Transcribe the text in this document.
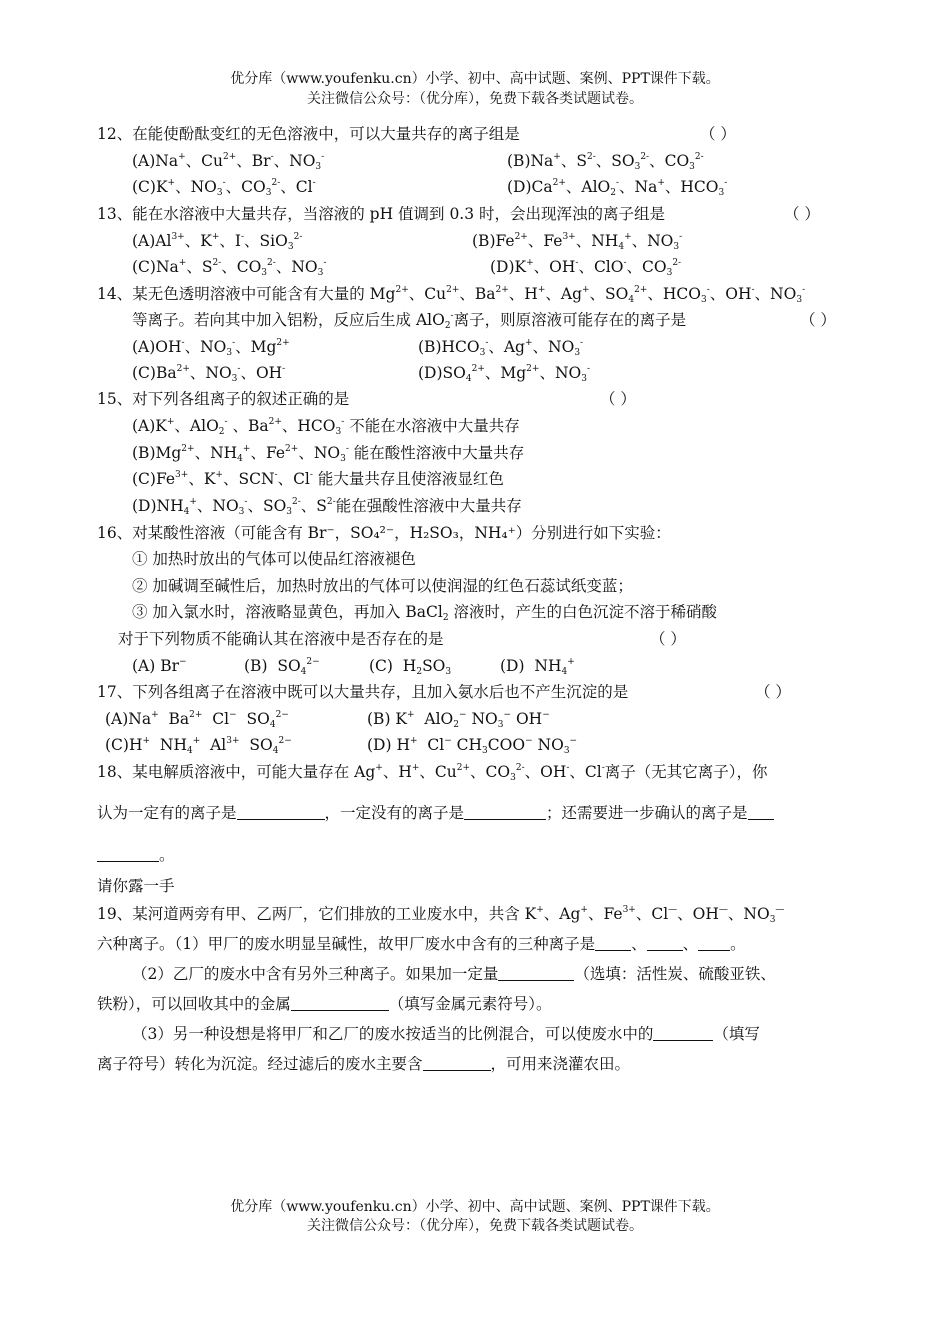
优分库（www.youfenku.cn）小学、初中、高中试题、案例、PPT课件下载。
关注微信公众号：（优分库），免费下载各类试题试卷。
12、在能使酚酞变红的无色溶液中，可以大量共存的离子组是	（ ）
(A)Na+、$Cu^{2+}$、Br-、$NO_3^-$	(B)Na+、$S^{2-}$、$SO_3^{2-}$、$CO_3^{2-}$
(C)K+、$NO_3^-$、$CO_3^{2-}$、Cl-	$(D)Ca^{2+}$、AlO$_2$-、Na+、$HCO_3^-$
13、能在水溶液中大量共存，当溶液的 pH 值调到 0.3 时，会出现浑浊的离子组是	（ ）
$(A)Al^{3+}$、K+、I-、SiO$_3^{2-}$	$(B)Fe^{2+}$、$Fe^{3+}$、$NH_4^+$、$NO_3^-$
(C)Na+、$S^{2-}$、$CO_3^{2-}$、$NO_3^-$	(D)K+、OH-、ClO-、$CO_3^{2-}$
14、某无色透明溶液中可能含有大量的 $Mg^{2+}$、$Cu^{2+}$、$Ba^{2+}$、H+、Ag+、$SO_4^{2+}$、$HCO_3^-$、OH-、$NO_3^-$
等离子。若向其中加入铝粉，反应后生成 AlO$_2$-离子，则原溶液可能存在的离子是	（ ）
(A)OH-、$NO_3^-$、$Mg^{2+}$	$(B)HCO_3^-$、Ag+、$NO_3^-$
$(C)Ba^{2+}$、$NO_3^-$、OH-	$(D)SO_4^{2+}$、$Mg^{2+}$、$NO_3^-$
15、对下列各组离子的叙述正确的是	（ ）
(A)K+、AlO$_2$- 、$Ba^{2+}$、$HCO_3^-$ 不能在水溶液中大量共存
$(B)Mg^{2+}$、$NH_4^+$、$Fe^{2+}$、$NO_3^-$ 能在酸性溶液中大量共存
$(C)Fe^{3+}$、K+、SCN-、Cl- 能大量共存且使溶液显红色
$(D)NH_4^+$、$NO_3^-$、$SO_3^{2-}$、$S^{2-}$能在强酸性溶液中大量共存
16、对某酸性溶液（可能含有 Br⁻，SO₄²⁻，H₂SO₃，NH₄⁺）分别进行如下实验：
① 加热时放出的气体可以使品红溶液褪色
② 加碱调至碱性后，加热时放出的气体可以使润湿的红色石蕊试纸变蓝；
③ 加入氯水时，溶液略显黄色，再加入 BaCl$_2$ 溶液时，产生的白色沉淀不溶于稀硝酸
对于下列物质不能确认其在溶液中是否存在的是	（ ）
(A) Br−	(B)  $SO_4^{2-}$	(C)  $H_2SO_3$	(D)  $NH_4^+$
17、下列各组离子在溶液中既可以大量共存，且加入氨水后也不产生沉淀的是	（ ）
(A)Na+  $Ba^{2+}$  Cl−  $SO_4^{2-}$	(B) K+  AlO$_2$− $NO_3^-$ OH−
(C)H+  $NH_4^+$  $Al^{3+}$  $SO_4^{2-}$	(D) H+  Cl− $CH_3COO^-$ $NO_3^-$
18、某电解质溶液中，可能大量存在 Ag+、H+、$Cu^{2+}$、$CO_3^{2-}$、OH-、Cl-离子（无其它离子），你
认为一定有的离子是	，一定没有的离子是	；还需要进一步确认的离子是
。
请你露一手
19、某河道两旁有甲、乙两厂，它们排放的工业废水中，共含 K+、Ag+、$Fe^{3+}$、Cl—、OH—、$NO_3^—$
六种离子。（1）甲厂的废水明显呈碱性，故甲厂废水中含有的三种离子是 、 、 。
（2）乙厂的废水中含有另外三种离子。如果加一定量	（选填：活性炭、硫酸亚铁、
铁粉），可以回收其中的金属	（填写金属元素符号）。
（3）另一种设想是将甲厂和乙厂的废水按适当的比例混合，可以使废水中的	（填写
离子符号）转化为沉淀。经过滤后的废水主要含	，可用来浇灌农田。
优分库（www.youfenku.cn）小学、初中、高中试题、案例、PPT课件下载。
关注微信公众号：（优分库），免费下载各类试题试卷。
